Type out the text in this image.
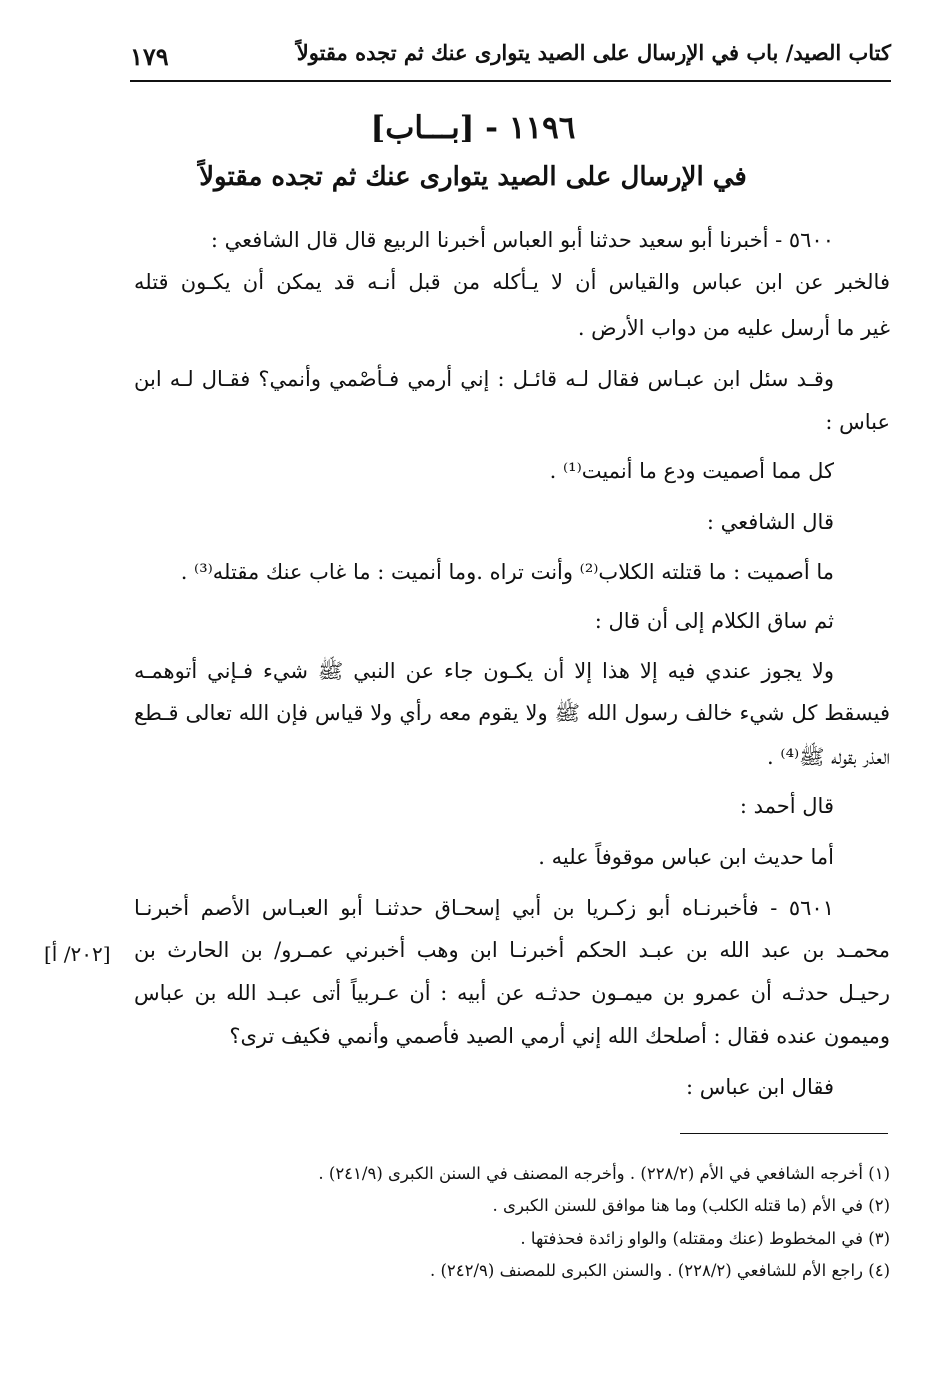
كتاب الصيد/ باب في الإرسال على الصيد يتوارى عنك ثم تجده مقتولاً
١٧٩
١١٩٦ - [بـــاب]
في الإرسال على الصيد يتوارى عنك ثم تجده مقتولاً
٥٦٠٠ - أخبرنا أبو سعيد حدثنا أبو العباس أخبرنا الربيع قال قال الشافعي :
فالخبر عن ابن عباس والقياس أن لا يـأكله من قبل أنـه قد يمكن أن يكـون قتله
غير ما أرسل عليه من دواب الأرض .
وقـد سئل ابن عبـاس فقال لـه قائـل : إني أرمي فـأصْمي وأنمي؟ فقـال لـه ابن
عباس :
كل مما أصميت ودع ما أنميت⁽¹⁾ .
قال الشافعي :
ما أصميت : ما قتلته الكلاب⁽²⁾ وأنت تراه .وما أنميت : ما غاب عنك مقتله⁽³⁾ .
ثم ساق الكلام إلى أن قال :
ولا يجوز عندي فيه إلا هذا إلا أن يكـون جاء عن النبي ﷺ شيء فـإني أتوهمـه
فيسقط كل شيء خالف رسول الله ﷺ ولا يقوم معه رأي ولا قياس فإن الله تعالى قـطع
العذر بقوله ﷺ⁽⁴⁾ .
قال أحمد :
أما حديث ابن عباس موقوفاً عليه .
٥٦٠١ - فأخبرنـاه أبو زكـريا بن أبي إسحـاق حدثنـا أبو العبـاس الأصم أخبرنـا
محمـد بن عبد الله بن عبـد الحكم أخبرنـا ابن وهب أخبرني عمـرو/ بن الحارث بن
رحيـل حدثـه أن عمرو بن ميمـون حدثـه عن أبيه : أن عـربياً أتى عبـد الله بن عباس
وميمون عنده فقال : أصلحك الله إني أرمي الصيد فأصمي وأنمي فكيف ترى؟
فقال ابن عباس :
[٢٠٢/ أ]
(١) أخرجه الشافعي في الأم (٢٢٨/٢) . وأخرجه المصنف في السنن الكبرى (٢٤١/٩) .
(٢) في الأم (ما قتله الكلب) وما هنا موافق للسنن الكبرى .
(٣) في المخطوط (عنك ومقتله) والواو زائدة فحذفتها .
(٤) راجع الأم للشافعي (٢٢٨/٢) . والسنن الكبرى للمصنف (٢٤٢/٩) .
